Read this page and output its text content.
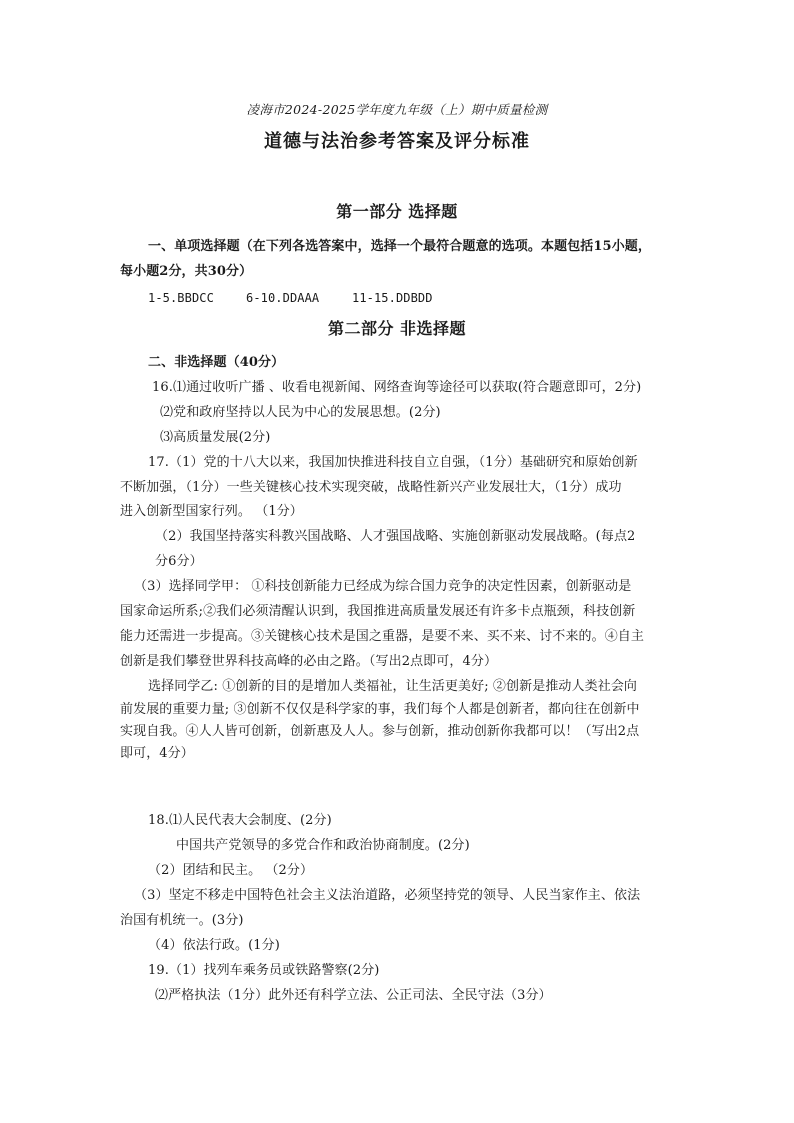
凌海市2024-2025学年度九年级（上）期中质量检测
道德与法治参考答案及评分标准
第一部分 选择题
一、单项选择题（在下列各选答案中，选择一个最符合题意的选项。本题包括15小题，
每小题2分，共30分）
1-5.BBDCC	6-10.DDAAA	11-15.DDBDD
第二部分 非选择题
二、非选择题（40分）
16.⑴通过收听广播 、收看电视新闻、网络查询等途径可以获取(符合题意即可，2分)
⑵党和政府坚持以人民为中心的发展思想。(2分)
⑶高质量发展(2分)
17.（1）党的十八大以来，我国加快推进科技自立自强，（1分）基础研究和原始创新
不断加强，（1分）一些关键核心技术实现突破，战略性新兴产业发展壮大，（1分）成功
进入创新型国家行列。 （1分）
（2）我国坚持落实科教兴国战略、人才强国战略、实施创新驱动发展战略。(每点2
分6分）
（3）选择同学甲： ①科技创新能力已经成为综合国力竞争的决定性因素，创新驱动是
国家命运所系;②我们必须清醒认识到，我国推进高质量发展还有许多卡点瓶颈，科技创新
能力还需进一步提高。③关键核心技术是国之重器，是要不来、买不来、讨不来的。④自主
创新是我们攀登世界科技高峰的必由之路。（写出2点即可，4分）
选择同学乙: ①创新的目的是增加人类福祉，让生活更美好; ②创新是推动人类社会向
前发展的重要力量; ③创新不仅仅是科学家的事，我们每个人都是创新者，都向往在创新中
实现自我。④人人皆可创新，创新惠及人人。参与创新，推动创新你我都可以！（写出2点
即可，4分）
18.⑴人民代表大会制度、(2分)
中国共产党领导的多党合作和政治协商制度。(2分)
（2）团结和民主。 （2分）
（3）坚定不移走中国特色社会主义法治道路，必须坚持党的领导、人民当家作主、依法
治国有机统一。(3分)
（4）依法行政。(1分)
19.（1）找列车乘务员或铁路警察(2分)
⑵严格执法（1分）此外还有科学立法、公正司法、全民守法（3分）
